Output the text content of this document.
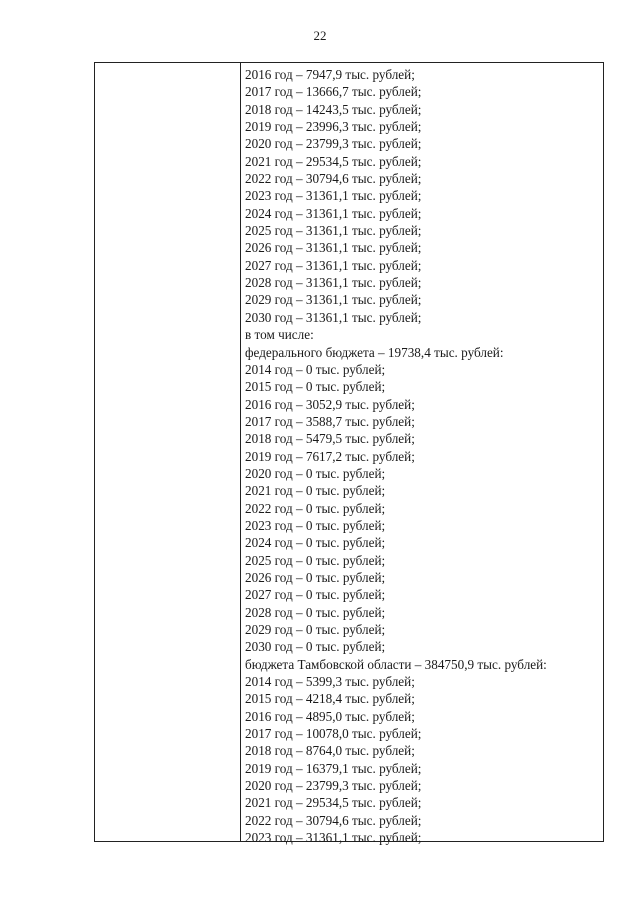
22
2016 год – 7947,9 тыс. рублей;
2017 год – 13666,7 тыс. рублей;
2018 год – 14243,5 тыс. рублей;
2019 год – 23996,3 тыс. рублей;
2020 год – 23799,3 тыс. рублей;
2021 год – 29534,5 тыс. рублей;
2022 год – 30794,6 тыс. рублей;
2023 год – 31361,1 тыс. рублей;
2024 год – 31361,1 тыс. рублей;
2025 год – 31361,1 тыс. рублей;
2026 год – 31361,1 тыс. рублей;
2027 год – 31361,1 тыс. рублей;
2028 год – 31361,1 тыс. рублей;
2029 год – 31361,1 тыс. рублей;
2030 год – 31361,1 тыс. рублей;
в том числе:
федерального бюджета – 19738,4 тыс. рублей:
2014 год – 0 тыс. рублей;
2015 год – 0 тыс. рублей;
2016 год – 3052,9 тыс. рублей;
2017 год – 3588,7 тыс. рублей;
2018 год – 5479,5 тыс. рублей;
2019 год – 7617,2 тыс. рублей;
2020 год – 0 тыс. рублей;
2021 год – 0 тыс. рублей;
2022 год – 0 тыс. рублей;
2023 год – 0 тыс. рублей;
2024 год – 0 тыс. рублей;
2025 год – 0 тыс. рублей;
2026 год – 0 тыс. рублей;
2027 год – 0 тыс. рублей;
2028 год – 0 тыс. рублей;
2029 год – 0 тыс. рублей;
2030 год – 0 тыс. рублей;
бюджета Тамбовской области – 384750,9 тыс. рублей:
2014 год – 5399,3 тыс. рублей;
2015 год – 4218,4 тыс. рублей;
2016 год – 4895,0 тыс. рублей;
2017 год – 10078,0 тыс. рублей;
2018 год – 8764,0 тыс. рублей;
2019 год – 16379,1 тыс. рублей;
2020 год – 23799,3 тыс. рублей;
2021 год – 29534,5 тыс. рублей;
2022 год – 30794,6 тыс. рублей;
2023 год – 31361,1 тыс. рублей;
